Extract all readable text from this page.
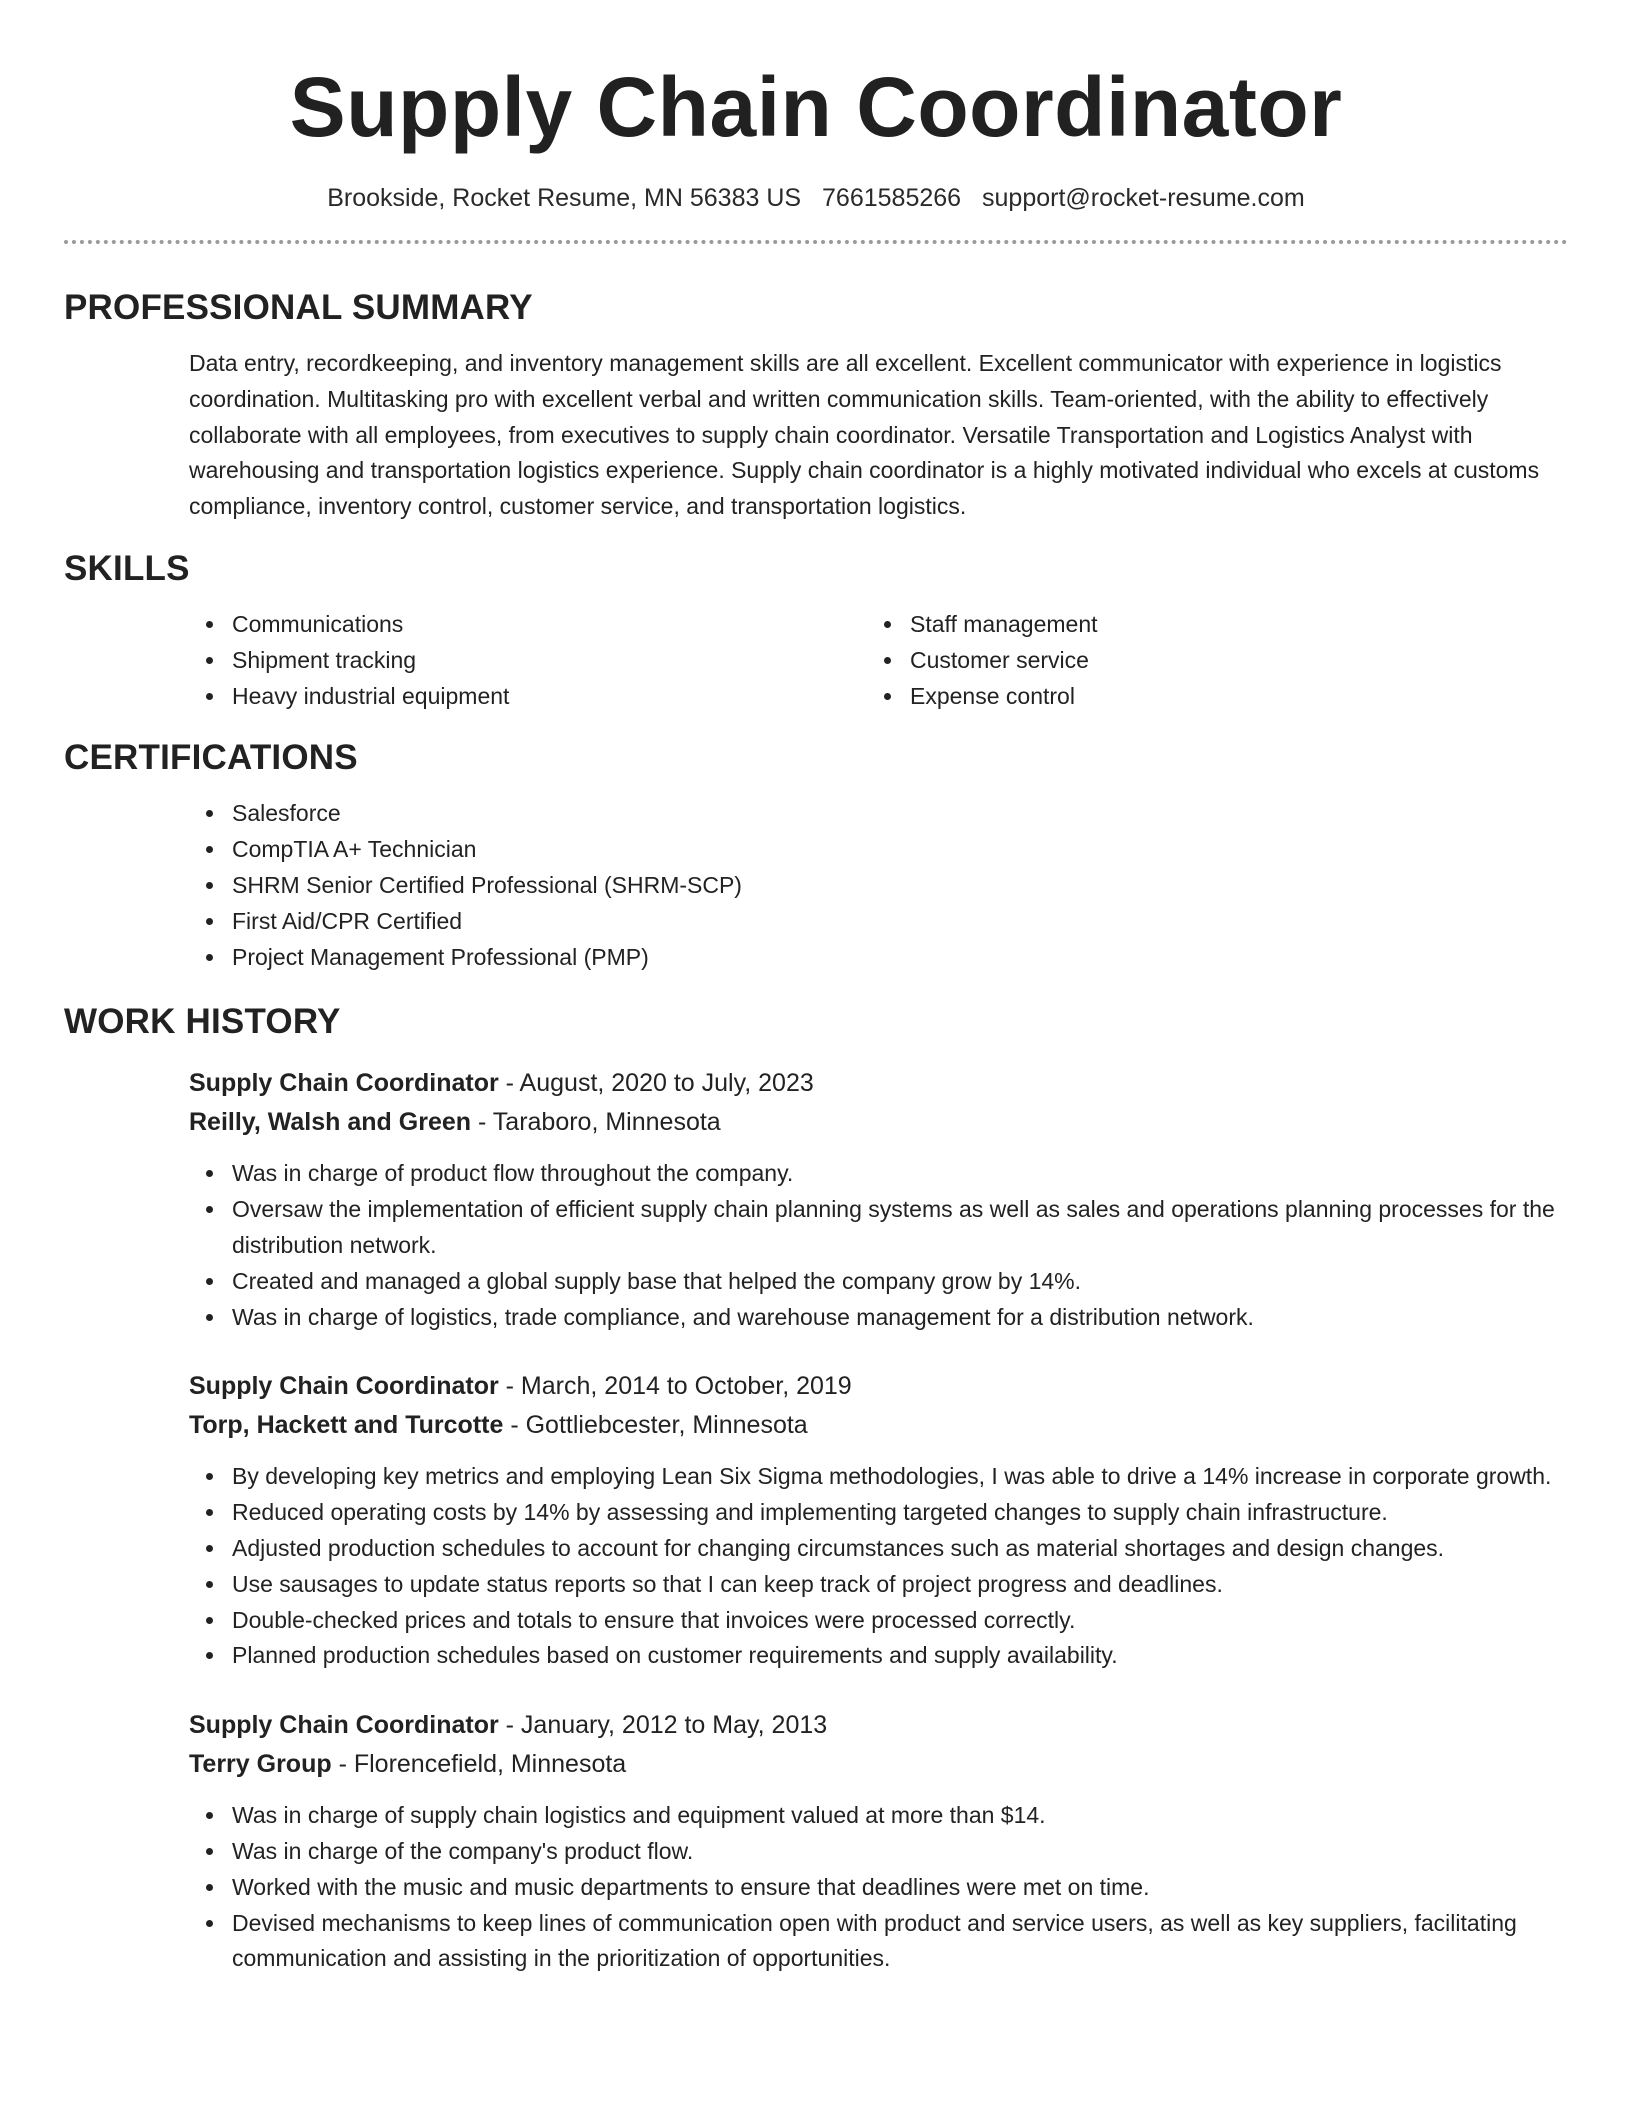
Supply Chain Coordinator
Brookside, Rocket Resume, MN 56383 US 7661585266 support@rocket-resume.com
PROFESSIONAL SUMMARY

Data entry, recordkeeping, and inventory management skills are all excellent. Excellent communicator with experience in logistics coordination. Multitasking pro with excellent verbal and written communication skills. Team-oriented, with the ability to effectively collaborate with all employees, from executives to supply chain coordinator. Versatile Transportation and Logistics Analyst with warehousing and transportation logistics experience. Supply chain coordinator is a highly motivated individual who excels at customs compliance, inventory control, customer service, and transportation logistics.

SKILLS
Communications
Shipment tracking
Heavy industrial equipment
Staff management
Customer service
Expense control
CERTIFICATIONS
Salesforce
CompTIA A+ Technician
SHRM Senior Certified Professional (SHRM-SCP)
First Aid/CPR Certified
Project Management Professional (PMP)
WORK HISTORY
Supply Chain Coordinator - August, 2020 to July, 2023
Reilly, Walsh and Green - Taraboro, Minnesota
Was in charge of product flow throughout the company.
Oversaw the implementation of efficient supply chain planning systems as well as sales and operations planning processes for the distribution network.
Created and managed a global supply base that helped the company grow by 14%.
Was in charge of logistics, trade compliance, and warehouse management for a distribution network.
Supply Chain Coordinator - March, 2014 to October, 2019
Torp, Hackett and Turcotte - Gottliebcester, Minnesota
By developing key metrics and employing Lean Six Sigma methodologies, I was able to drive a 14% increase in corporate growth.
Reduced operating costs by 14% by assessing and implementing targeted changes to supply chain infrastructure.
Adjusted production schedules to account for changing circumstances such as material shortages and design changes.
Use sausages to update status reports so that I can keep track of project progress and deadlines.
Double-checked prices and totals to ensure that invoices were processed correctly.
Planned production schedules based on customer requirements and supply availability.
Supply Chain Coordinator - January, 2012 to May, 2013
Terry Group - Florencefield, Minnesota
Was in charge of supply chain logistics and equipment valued at more than $14.
Was in charge of the company's product flow.
Worked with the music and music departments to ensure that deadlines were met on time.
Devised mechanisms to keep lines of communication open with product and service users, as well as key suppliers, facilitating communication and assisting in the prioritization of opportunities.
